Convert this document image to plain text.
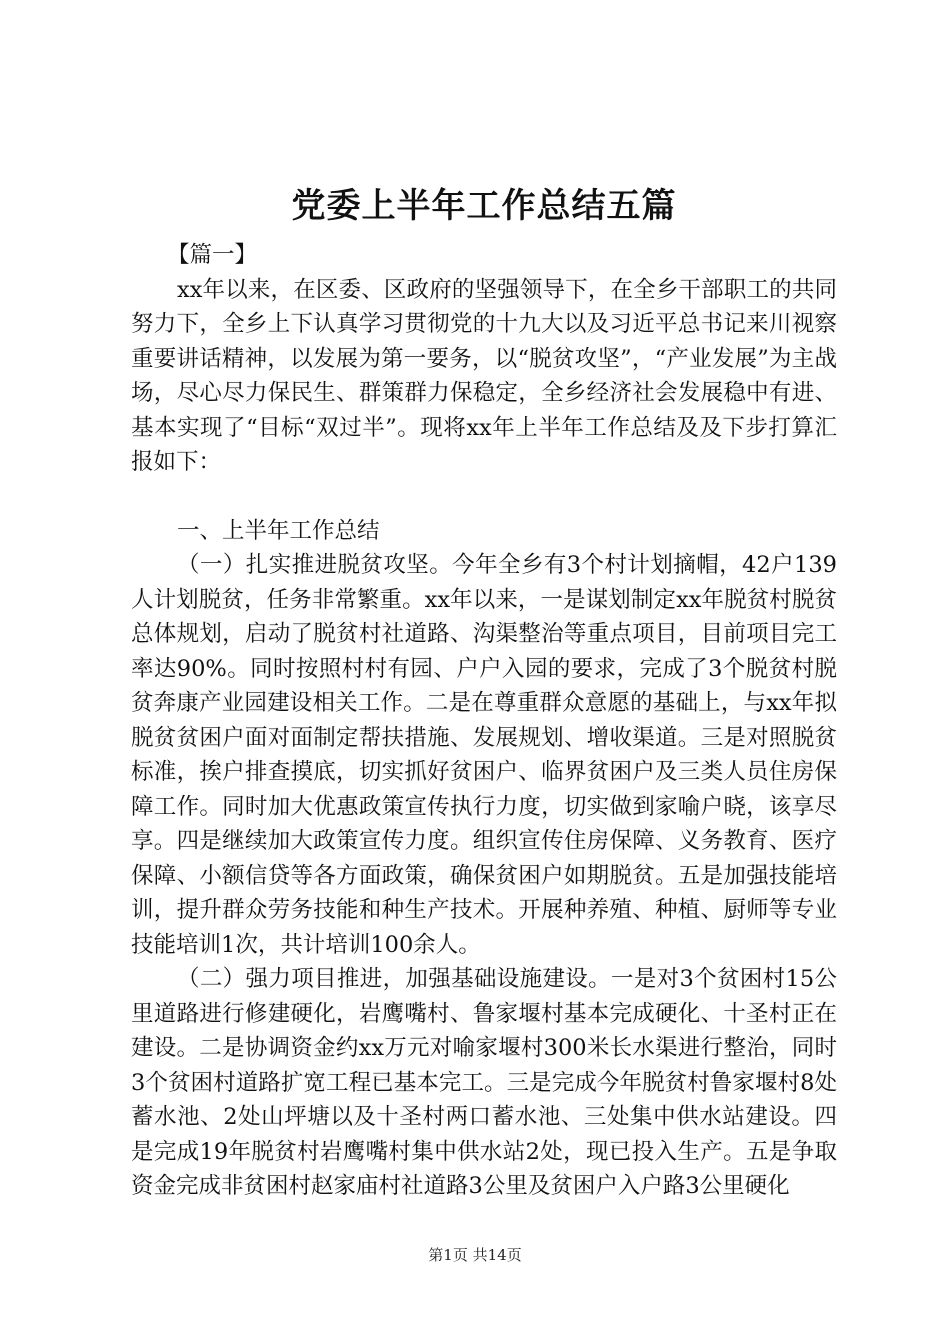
党委上半年工作总结五篇

【篇一】

xx年以来，在区委、区政府的坚强领导下，在全乡干部职工的共同努力下，全乡上下认真学习贯彻党的十九大以及习近平总书记来川视察重要讲话精神，以发展为第一要务，以“脱贫攻坚”，“产业发展”为主战场，尽心尽力保民生、群策群力保稳定，全乡经济社会发展稳中有进、基本实现了“目标“双过半”。现将xx年上半年工作总结及及下步打算汇报如下：

一、上半年工作总结

（一）扎实推进脱贫攻坚。今年全乡有3个村计划摘帽，42户139人计划脱贫，任务非常繁重。xx年以来，一是谋划制定xx年脱贫村脱贫总体规划，启动了脱贫村社道路、沟渠整治等重点项目，目前项目完工率达90%。同时按照村村有园、户户入园的要求，完成了3个脱贫村脱贫奔康产业园建设相关工作。二是在尊重群众意愿的基础上，与xx年拟脱贫贫困户面对面制定帮扶措施、发展规划、增收渠道。三是对照脱贫标准，挨户排查摸底，切实抓好贫困户、临界贫困户及三类人员住房保障工作。同时加大优惠政策宣传执行力度，切实做到家喻户晓，该享尽享。四是继续加大政策宣传力度。组织宣传住房保障、义务教育、医疗保障、小额信贷等各方面政策，确保贫困户如期脱贫。五是加强技能培训，提升群众劳务技能和种生产技术。开展种养殖、种植、厨师等专业技能培训1次，共计培训100余人。

（二）强力项目推进，加强基础设施建设。一是对3个贫困村15公里道路进行修建硬化，岩鹰嘴村、鲁家堰村基本完成硬化、十圣村正在建设。二是协调资金约xx万元对喻家堰村300米长水渠进行整治，同时3个贫困村道路扩宽工程已基本完工。三是完成今年脱贫村鲁家堰村8处蓄水池、2处山坪塘以及十圣村两口蓄水池、三处集中供水站建设。四是完成19年脱贫村岩鹰嘴村集中供水站2处，现已投入生产。五是争取资金完成非贫困村赵家庙村社道路3公里及贫困户入户路3公里硬化

第1页 共14页
